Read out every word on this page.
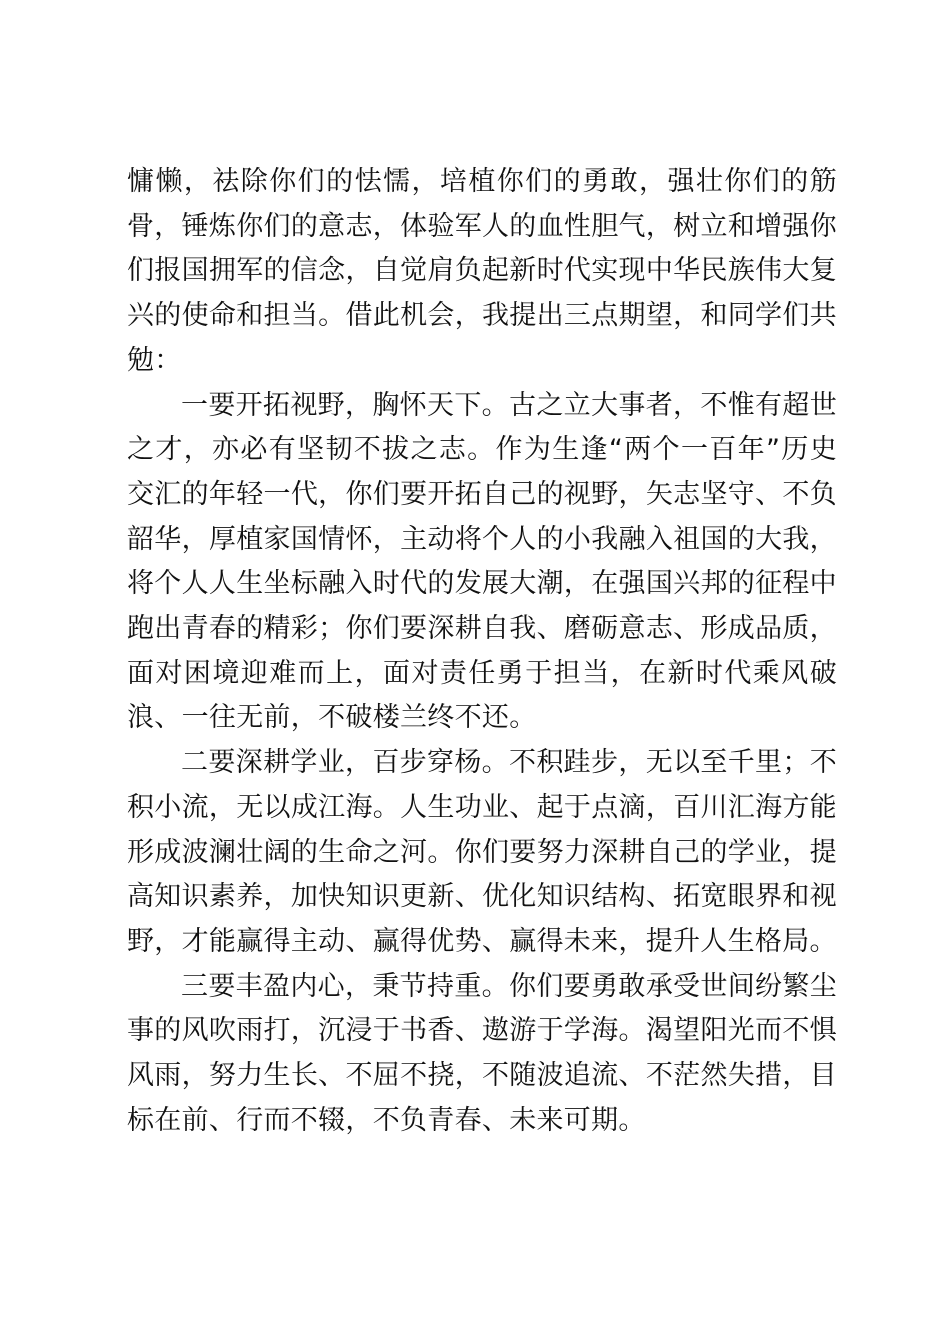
慵懒，祛除你们的怯懦，培植你们的勇敢，强壮你们的筋骨，锤炼你们的意志，体验军人的血性胆气，树立和增强你们报国拥军的信念，自觉肩负起新时代实现中华民族伟大复兴的使命和担当。借此机会，我提出三点期望，和同学们共勉：

一要开拓视野，胸怀天下。古之立大事者，不惟有超世之才，亦必有坚韧不拔之志。作为生逢“两个一百年”历史交汇的年轻一代，你们要开拓自己的视野，矢志坚守、不负韶华，厚植家国情怀，主动将个人的小我融入祖国的大我，将个人人生坐标融入时代的发展大潮，在强国兴邦的征程中跑出青春的精彩；你们要深耕自我、磨砺意志、形成品质，面对困境迎难而上，面对责任勇于担当，在新时代乘风破浪、一往无前，不破楼兰终不还。

二要深耕学业，百步穿杨。不积跬步，无以至千里；不积小流，无以成江海。人生功业、起于点滴，百川汇海方能形成波澜壮阔的生命之河。你们要努力深耕自己的学业，提高知识素养，加快知识更新、优化知识结构、拓宽眼界和视野，才能赢得主动、赢得优势、赢得未来，提升人生格局。

三要丰盈内心，秉节持重。你们要勇敢承受世间纷繁尘事的风吹雨打，沉浸于书香、遨游于学海。渴望阳光而不惧风雨，努力生长、不屈不挠，不随波追流、不茫然失措，目标在前、行而不辍，不负青春、未来可期。
